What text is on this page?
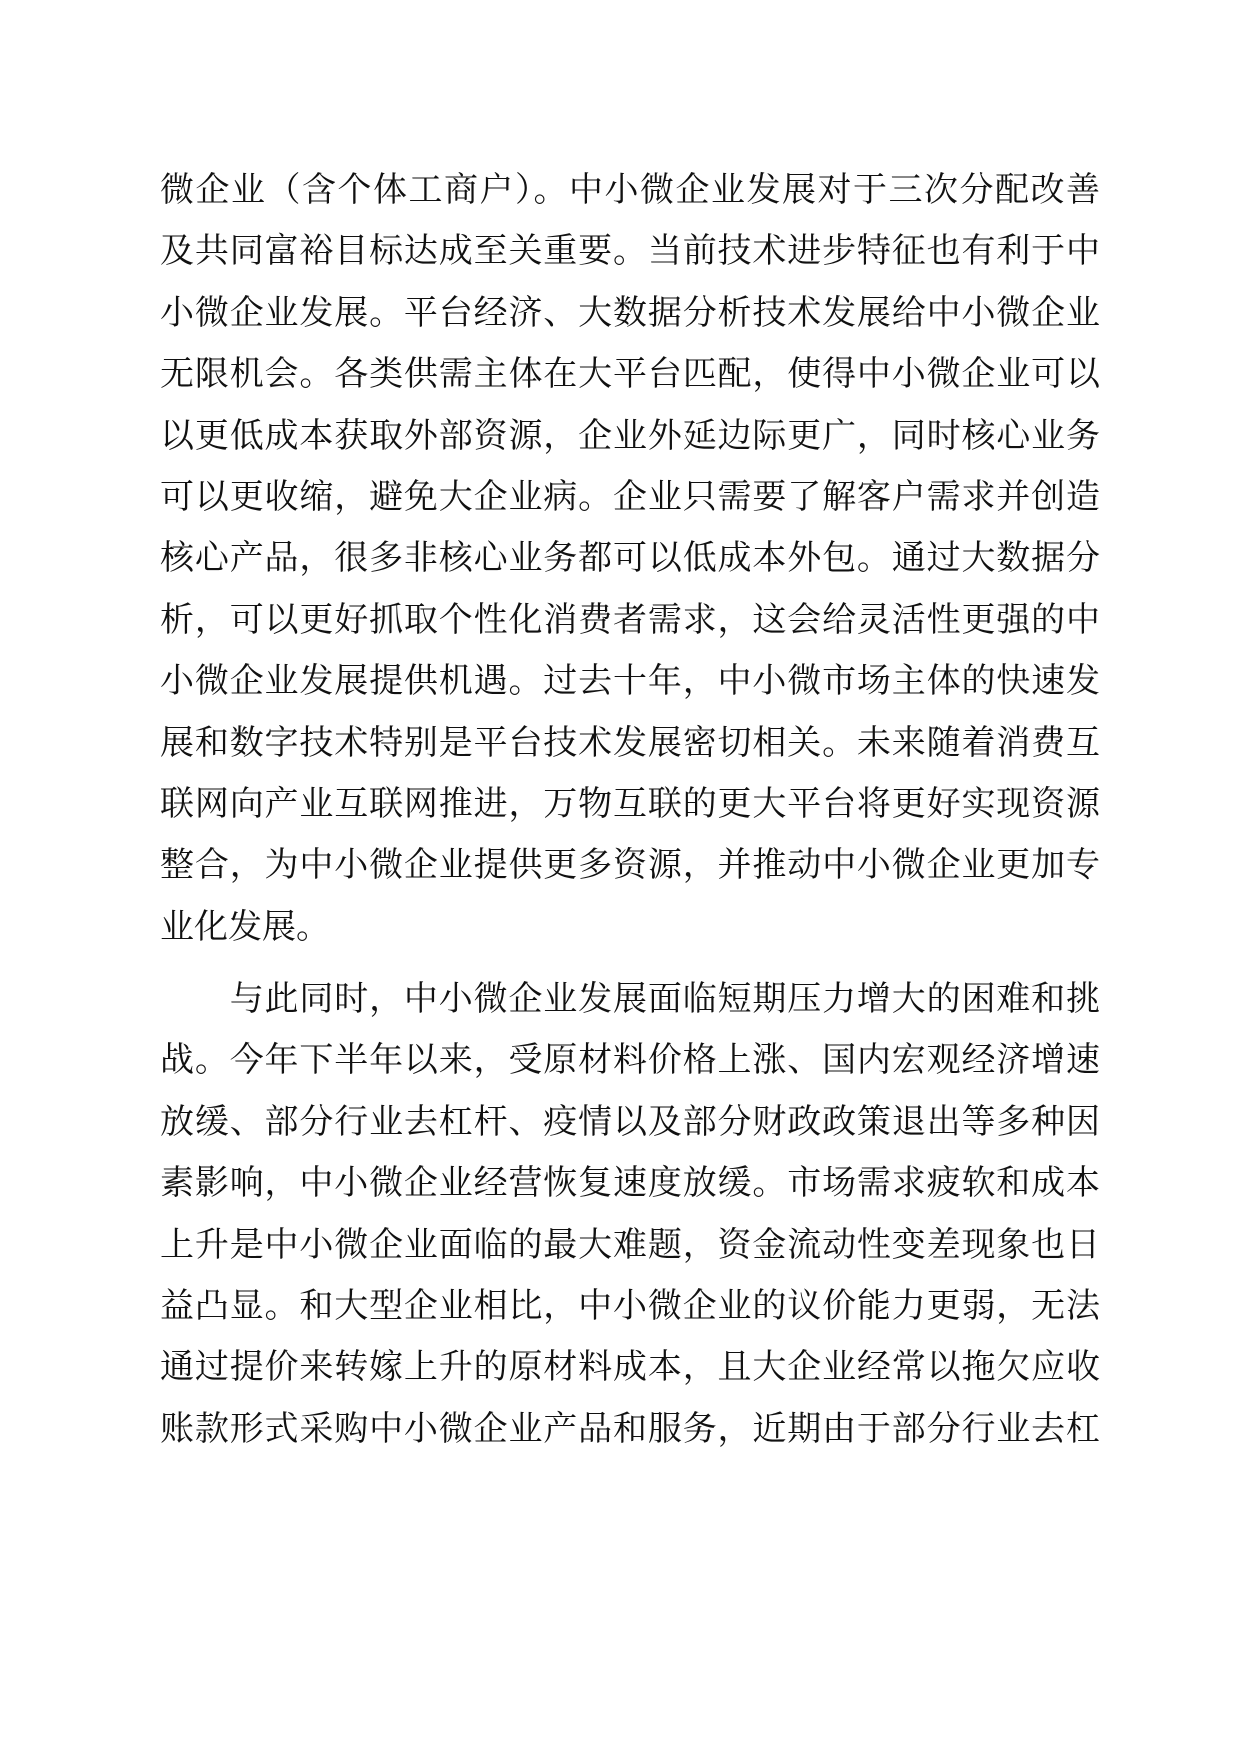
微企业（含个体工商户）。中小微企业发展对于三次分配改善
及共同富裕目标达成至关重要。当前技术进步特征也有利于中
小微企业发展。平台经济、大数据分析技术发展给中小微企业
无限机会。各类供需主体在大平台匹配，使得中小微企业可以
以更低成本获取外部资源，企业外延边际更广，同时核心业务
可以更收缩，避免大企业病。企业只需要了解客户需求并创造
核心产品，很多非核心业务都可以低成本外包。通过大数据分
析，可以更好抓取个性化消费者需求，这会给灵活性更强的中
小微企业发展提供机遇。过去十年，中小微市场主体的快速发
展和数字技术特别是平台技术发展密切相关。未来随着消费互
联网向产业互联网推进，万物互联的更大平台将更好实现资源
整合，为中小微企业提供更多资源，并推动中小微企业更加专
业化发展。
　　与此同时，中小微企业发展面临短期压力增大的困难和挑
战。今年下半年以来，受原材料价格上涨、国内宏观经济增速
放缓、部分行业去杠杆、疫情以及部分财政政策退出等多种因
素影响，中小微企业经营恢复速度放缓。市场需求疲软和成本
上升是中小微企业面临的最大难题，资金流动性变差现象也日
益凸显。和大型企业相比，中小微企业的议价能力更弱，无法
通过提价来转嫁上升的原材料成本，且大企业经常以拖欠应收
账款形式采购中小微企业产品和服务，近期由于部分行业去杠
